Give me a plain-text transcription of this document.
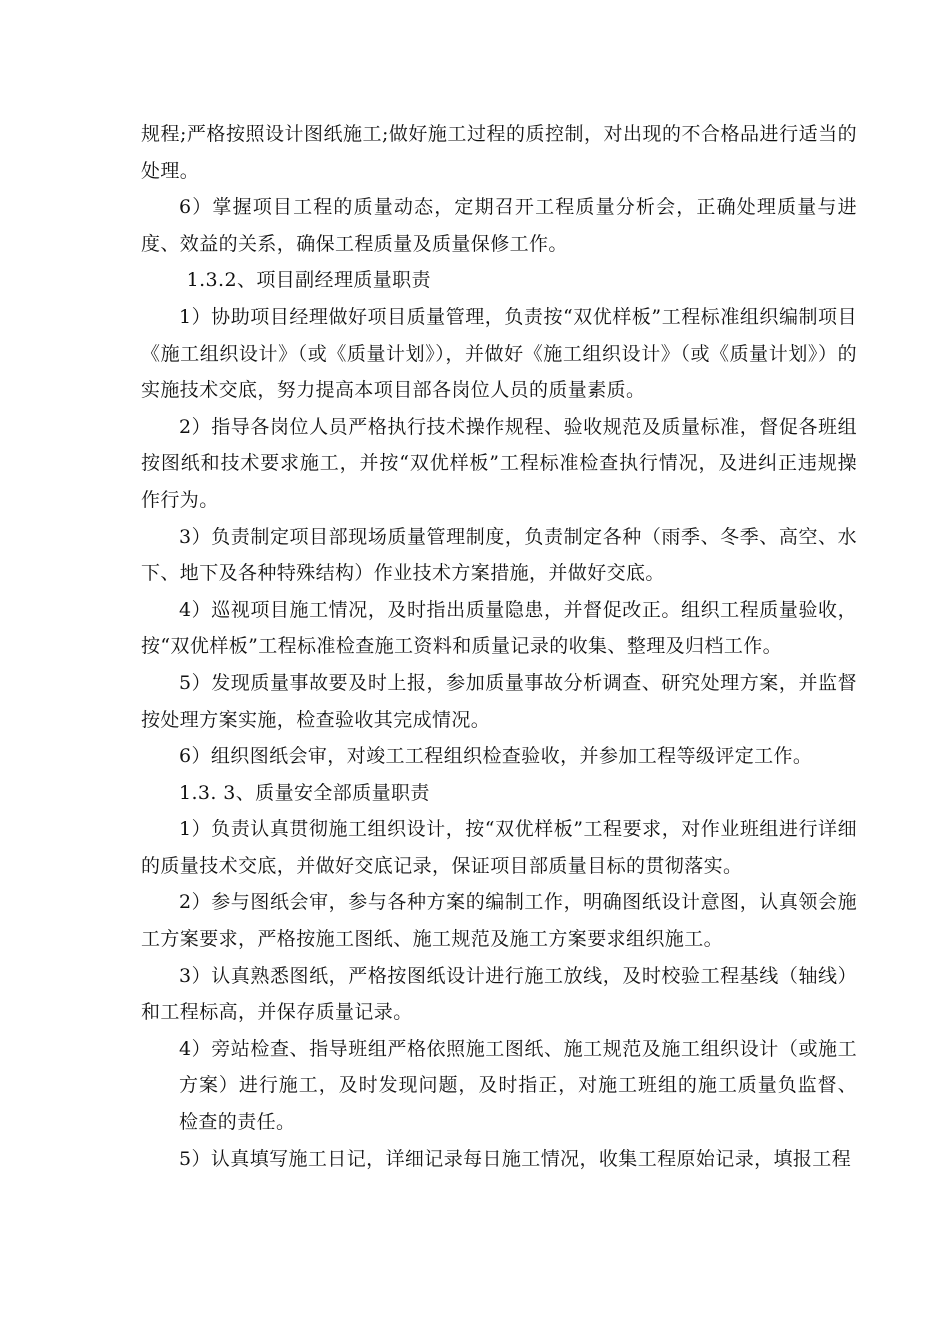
规程;严格按照设计图纸施工;做好施工过程的质控制，对出现的不合格品进行适当的处理。

6）掌握项目工程的质量动态，定期召开工程质量分析会，正确处理质量与进度、效益的关系，确保工程质量及质量保修工作。

1.3.2、项目副经理质量职责

1）协助项目经理做好项目质量管理，负责按“双优样板”工程标准组织编制项目《施工组织设计》（或《质量计划》），并做好《施工组织设计》（或《质量计划》）的实施技术交底，努力提高本项目部各岗位人员的质量素质。

2）指导各岗位人员严格执行技术操作规程、验收规范及质量标准，督促各班组按图纸和技术要求施工，并按“双优样板”工程标准检查执行情况，及进纠正违规操作行为。

3）负责制定项目部现场质量管理制度，负责制定各种（雨季、冬季、高空、水下、地下及各种特殊结构）作业技术方案措施，并做好交底。

4）巡视项目施工情况，及时指出质量隐患，并督促改正。组织工程质量验收，按“双优样板”工程标准检查施工资料和质量记录的收集、整理及归档工作。

5）发现质量事故要及时上报，参加质量事故分析调查、研究处理方案，并监督按处理方案实施，检查验收其完成情况。

6）组织图纸会审，对竣工工程组织检查验收，并参加工程等级评定工作。

1.3. 3、质量安全部质量职责

1）负责认真贯彻施工组织设计，按“双优样板”工程要求，对作业班组进行详细的质量技术交底，并做好交底记录，保证项目部质量目标的贯彻落实。

2）参与图纸会审，参与各种方案的编制工作，明确图纸设计意图，认真领会施工方案要求，严格按施工图纸、施工规范及施工方案要求组织施工。

3）认真熟悉图纸，严格按图纸设计进行施工放线，及时校验工程基线（轴线）和工程标高，并保存质量记录。

4）旁站检查、指导班组严格依照施工图纸、施工规范及施工组织设计（或施工方案）进行施工，及时发现问题，及时指正，对施工班组的施工质量负监督、检查的责任。

5）认真填写施工日记，详细记录每日施工情况，收集工程原始记录，填报工程
